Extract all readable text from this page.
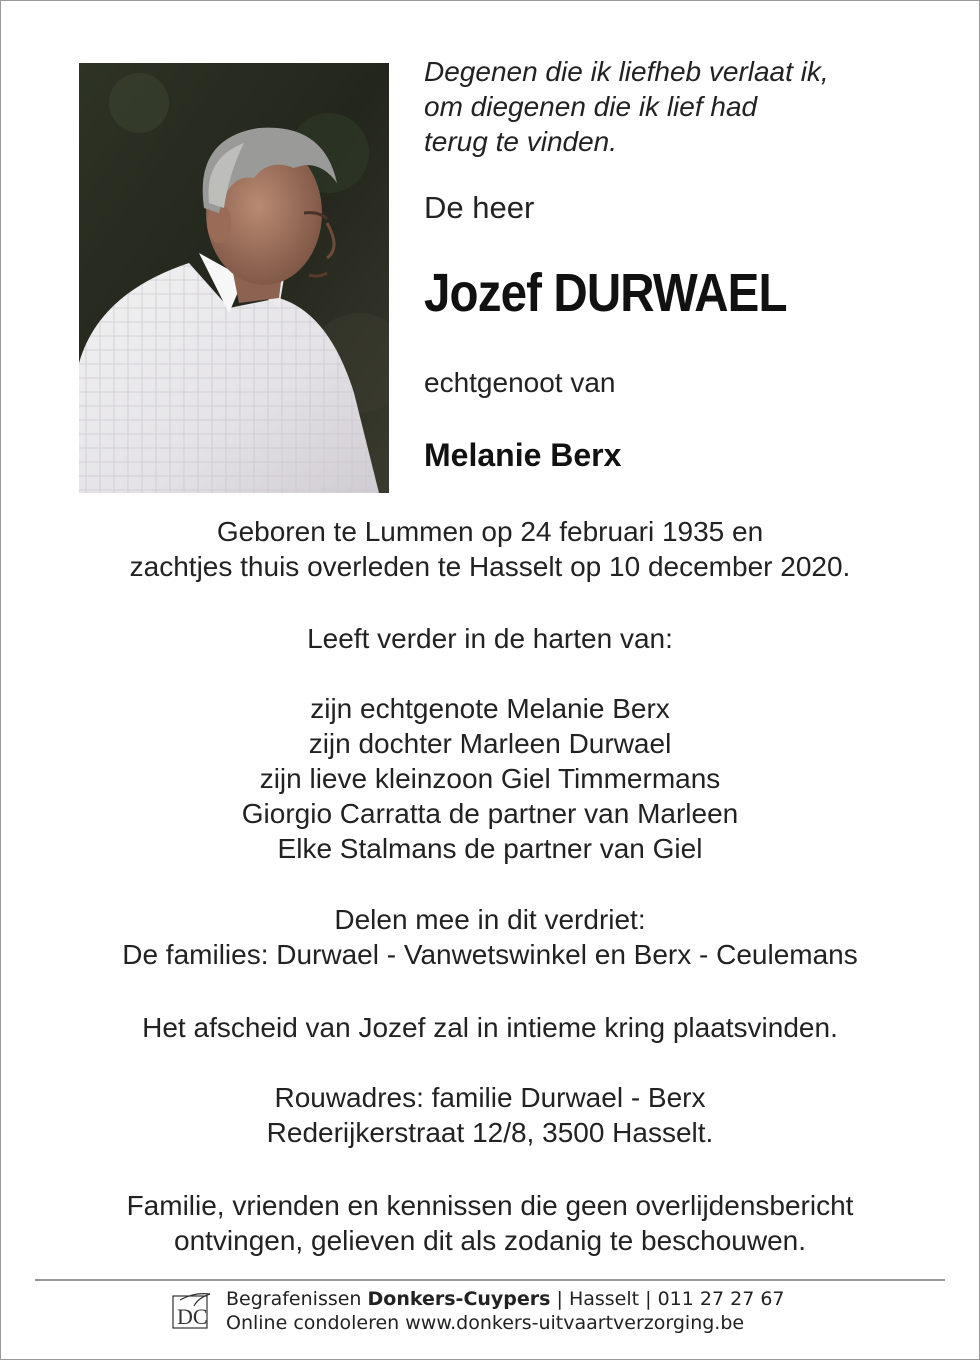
Degenen die ik liefheb verlaat ik,
om diegenen die ik lief had
terug te vinden.
De heer
Jozef DURWAEL
echtgenoot van
Melanie Berx
Geboren te Lummen op 24 februari 1935 en
zachtjes thuis overleden te Hasselt op 10 december 2020.
Leeft verder in de harten van:
zijn echtgenote Melanie Berx
zijn dochter Marleen Durwael
zijn lieve kleinzoon Giel Timmermans
Giorgio Carratta de partner van Marleen
Elke Stalmans de partner van Giel
Delen mee in dit verdriet:
De families: Durwael - Vanwetswinkel en Berx - Ceulemans
Het afscheid van Jozef zal in intieme kring plaatsvinden.
Rouwadres: familie Durwael - Berx
Rederijkerstraat 12/8, 3500 Hasselt.
Familie, vrienden en kennissen die geen overlijdensbericht
ontvingen, gelieven dit als zodanig te beschouwen.
DC
Begrafenissen Donkers-Cuypers | Hasselt | 011 27 27 67
Online condoleren www.donkers-uitvaartverzorging.be
